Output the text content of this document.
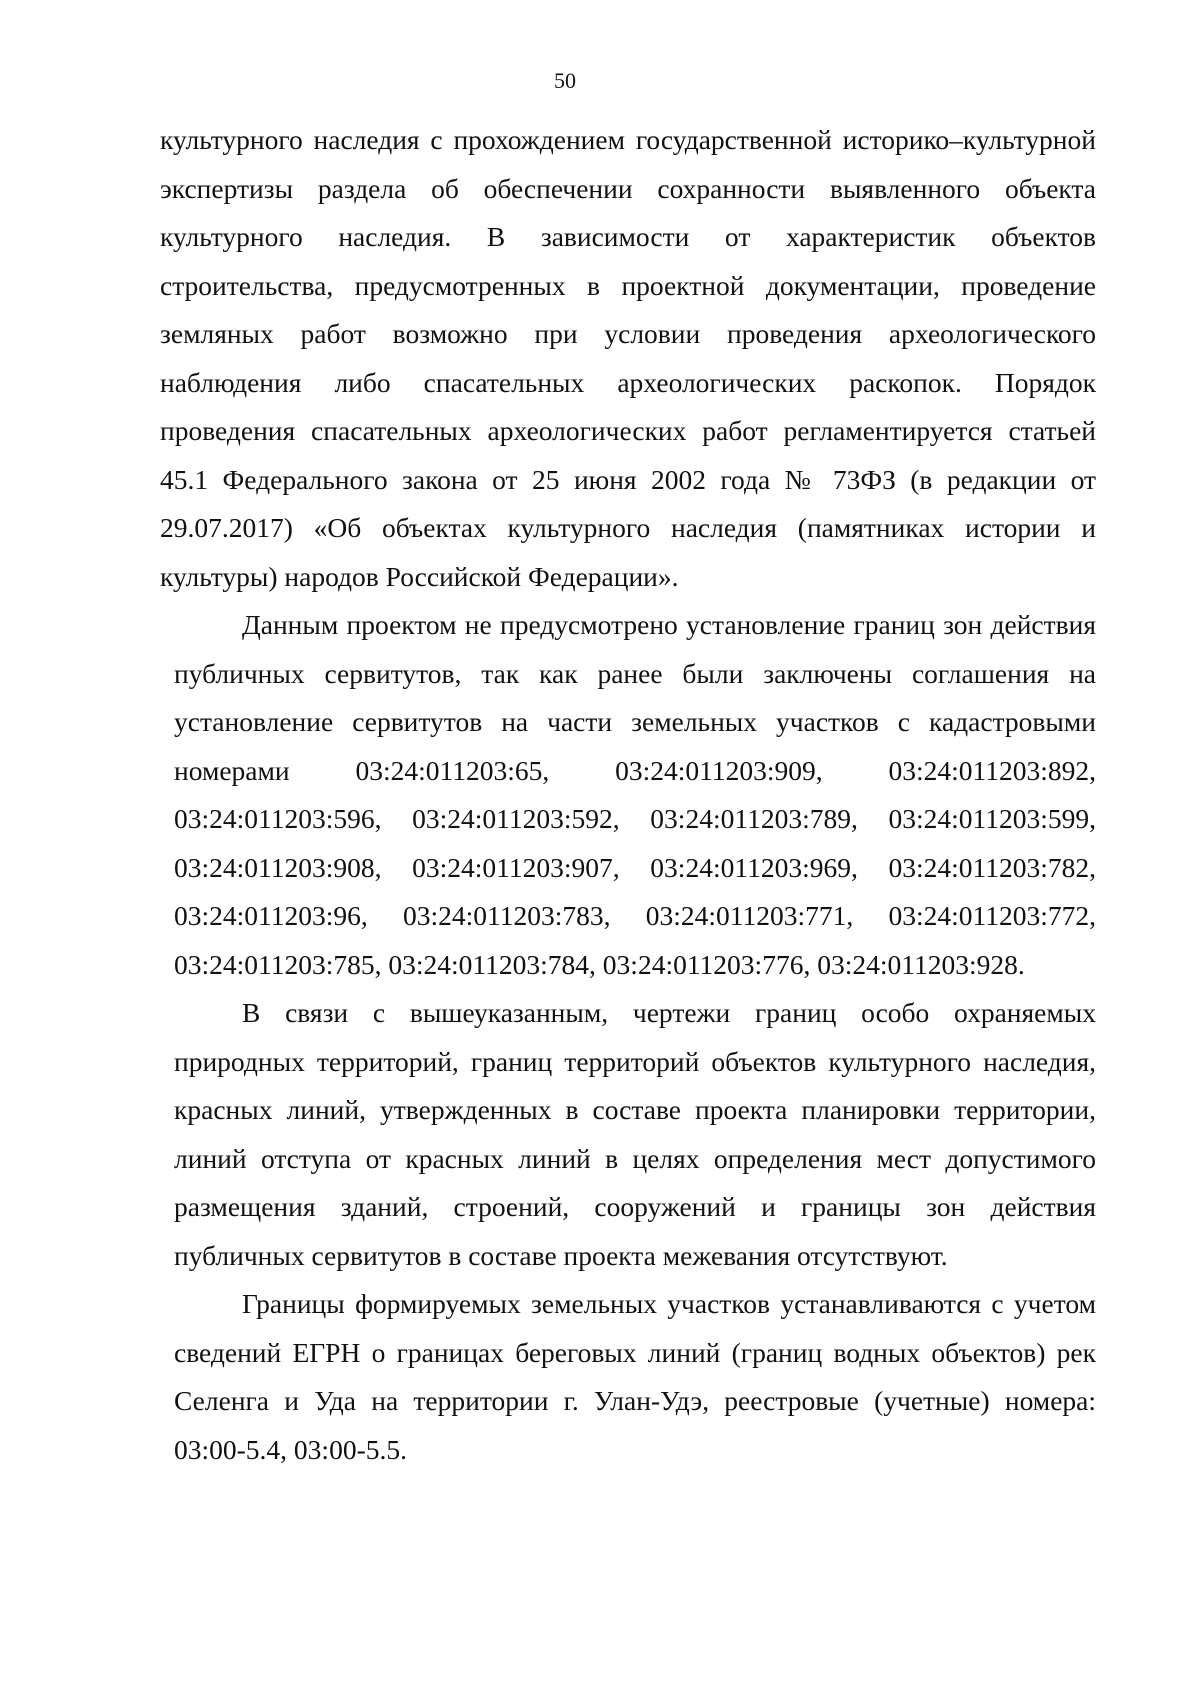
50

культурного наследия с прохождением государственной историко–культурной экспертизы раздела об обеспечении сохранности выявленного объекта культурного наследия. В зависимости от характеристик объектов строительства, предусмотренных в проектной документации, проведение земляных работ возможно при условии проведения археологического наблюдения либо спасательных археологических раскопок. Порядок проведения спасательных археологических работ регламентируется статьей 45.1 Федерального закона от 25 июня 2002 года № 73ФЗ (в редакции от 29.07.2017) «Об объектах культурного наследия (памятниках истории и культуры) народов Российской Федерации».

Данным проектом не предусмотрено установление границ зон действия публичных сервитутов, так как ранее были заключены соглашения на установление сервитутов на части земельных участков с кадастровыми номерами 03:24:011203:65, 03:24:011203:909, 03:24:011203:892, 03:24:011203:596, 03:24:011203:592, 03:24:011203:789, 03:24:011203:599, 03:24:011203:908, 03:24:011203:907, 03:24:011203:969, 03:24:011203:782, 03:24:011203:96, 03:24:011203:783, 03:24:011203:771, 03:24:011203:772, 03:24:011203:785, 03:24:011203:784, 03:24:011203:776, 03:24:011203:928.

В связи с вышеуказанным, чертежи границ особо охраняемых природных территорий, границ территорий объектов культурного наследия, красных линий, утвержденных в составе проекта планировки территории, линий отступа от красных линий в целях определения мест допустимого размещения зданий, строений, сооружений и границы зон действия публичных сервитутов в составе проекта межевания отсутствуют.

Границы формируемых земельных участков устанавливаются с учетом сведений ЕГРН о границах береговых линий (границ водных объектов) рек Селенга и Уда на территории г. Улан-Удэ, реестровые (учетные) номера: 03:00-5.4, 03:00-5.5.
